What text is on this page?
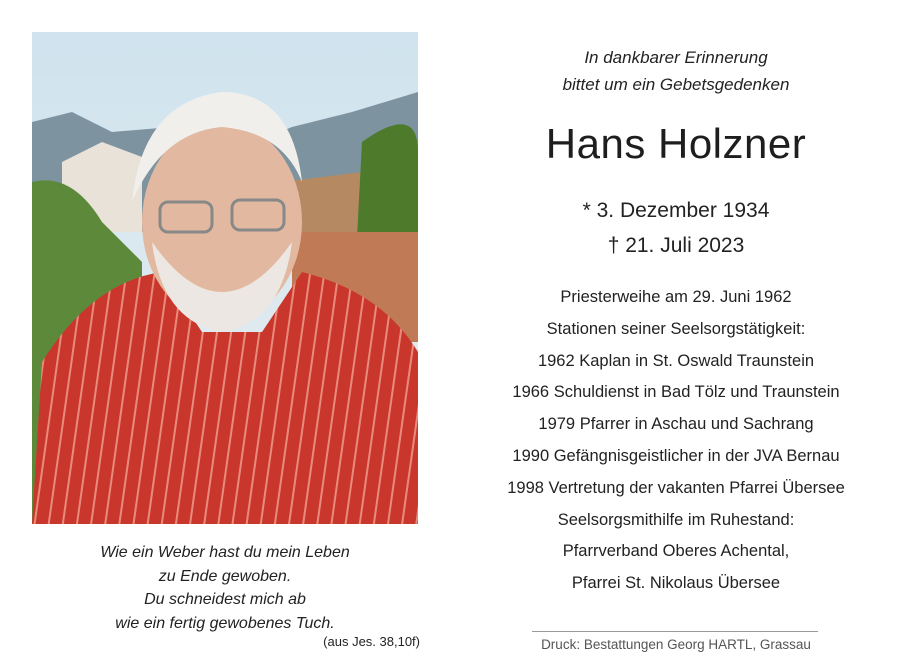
Wie ein Weber hast du mein Leben
zu Ende gewoben.
Du schneidest mich ab
wie ein fertig gewobenes Tuch.
(aus Jes. 38,10f)
In dankbarer Erinnerung
bittet um ein Gebetsgedenken
Hans Holzner
* 3. Dezember 1934
† 21. Juli 2023
Priesterweihe am 29. Juni 1962
Stationen seiner Seelsorgstätigkeit:
1962 Kaplan in St. Oswald Traunstein
1966 Schuldienst in Bad Tölz und Traunstein
1979 Pfarrer in Aschau und Sachrang
1990 Gefängnisgeistlicher in der JVA Bernau
1998 Vertretung der vakanten Pfarrei Übersee
Seelsorgsmithilfe im Ruhestand:
Pfarrverband Oberes Achental,
Pfarrei St. Nikolaus Übersee
Druck: Bestattungen Georg HARTL, Grassau
